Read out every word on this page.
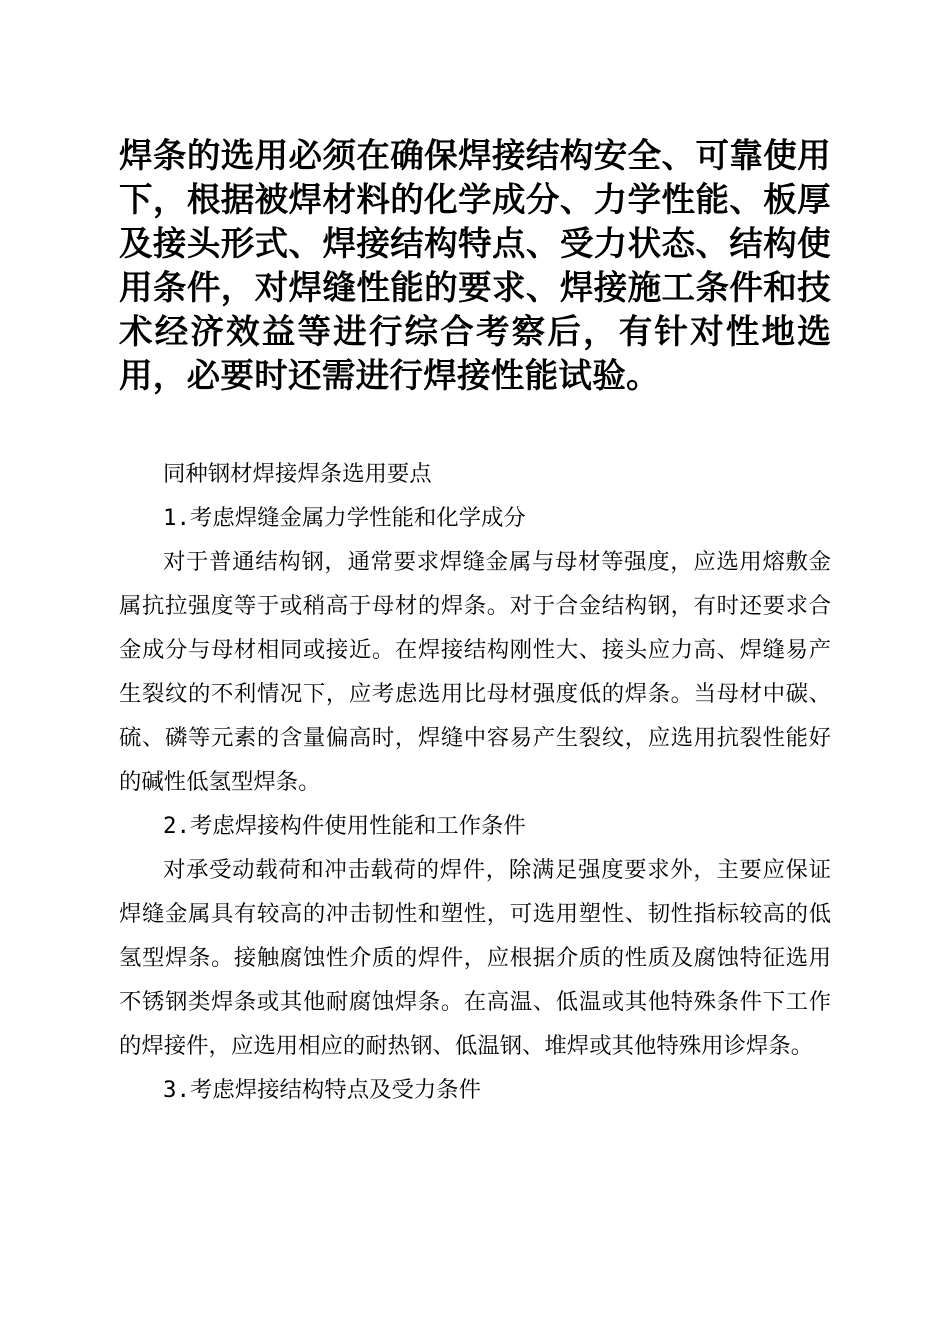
焊条的选用必须在确保焊接结构安全、可靠使用下，根据被焊材料的化学成分、力学性能、板厚及接头形式、焊接结构特点、受力状态、结构使用条件，对焊缝性能的要求、焊接施工条件和技术经济效益等进行综合考察后，有针对性地选用，必要时还需进行焊接性能试验。

同种钢材焊接焊条选用要点

1.考虑焊缝金属力学性能和化学成分

对于普通结构钢，通常要求焊缝金属与母材等强度，应选用熔敷金属抗拉强度等于或稍高于母材的焊条。对于合金结构钢，有时还要求合金成分与母材相同或接近。在焊接结构刚性大、接头应力高、焊缝易产生裂纹的不利情况下，应考虑选用比母材强度低的焊条。当母材中碳、硫、磷等元素的含量偏高时，焊缝中容易产生裂纹，应选用抗裂性能好的碱性低氢型焊条。

2.考虑焊接构件使用性能和工作条件

对承受动载荷和冲击载荷的焊件，除满足强度要求外，主要应保证焊缝金属具有较高的冲击韧性和塑性，可选用塑性、韧性指标较高的低氢型焊条。接触腐蚀性介质的焊件，应根据介质的性质及腐蚀特征选用不锈钢类焊条或其他耐腐蚀焊条。在高温、低温或其他特殊条件下工作的焊接件，应选用相应的耐热钢、低温钢、堆焊或其他特殊用诊焊条。

3.考虑焊接结构特点及受力条件
